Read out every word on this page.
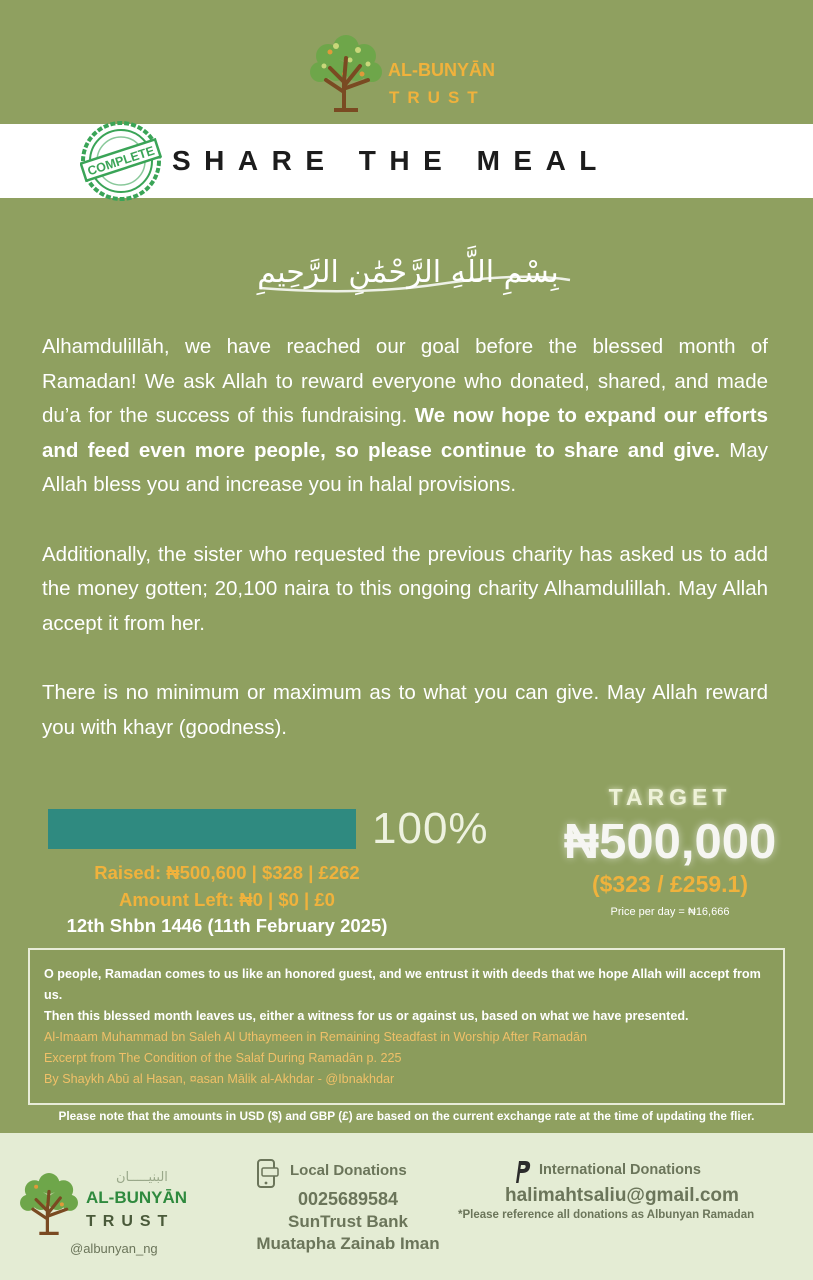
AL-BUNYĀN
TRUST
COMPLETE SHARE THE MEAL
بِسْمِ اللَّهِ الرَّحْمَٰنِ الرَّحِيمِ

Alhamdulillāh, we have reached our goal before the blessed month of Ramadan! We ask Allah to reward everyone who donated, shared, and made du’a for the success of this fundraising. We now hope to expand our efforts and feed even more people, so please continue to share and give. May Allah bless you and increase you in halal provisions.

Additionally, the sister who requested the previous charity has asked us to add the money gotten; 20,100 naira to this ongoing charity Alhamdulillah. May Allah accept it from her.

There is no minimum or maximum as to what you can give. May Allah reward you with khayr (goodness).

100%
Raised: ₦500,600 | $328 | £262
Amount Left: ₦0 | $0 | £0
12th Shbn 1446 (11th February 2025)
TARGET
₦500,000
($323 / £259.1)
Price per day = ₦16,666
O people, Ramadan comes to us like an honored guest, and we entrust it with deeds that we hope Allah will accept from us.
Then this blessed month leaves us, either a witness for us or against us, based on what we have presented.
Al-Imaam Muhammad bn Saleh Al Uthaymeen in Remaining Steadfast in Worship After Ramadān
Excerpt from The Condition of the Salaf During Ramadān p. 225
By Shaykh Abū al Hasan, ¤asan Mālik al-Akhdar - @Ibnakhdar
Please note that the amounts in USD ($) and GBP (£) are based on the current exchange rate at the time of updating the flier.
البنيـــــان
AL-BUNYĀN
TRUST
@albunyan_ng
Local Donations
0025689584
SunTrust Bank
Muatapha Zainab Iman
International Donations
halimahtsaliu@gmail.com
*Please reference all donations as Albunyan Ramadan
